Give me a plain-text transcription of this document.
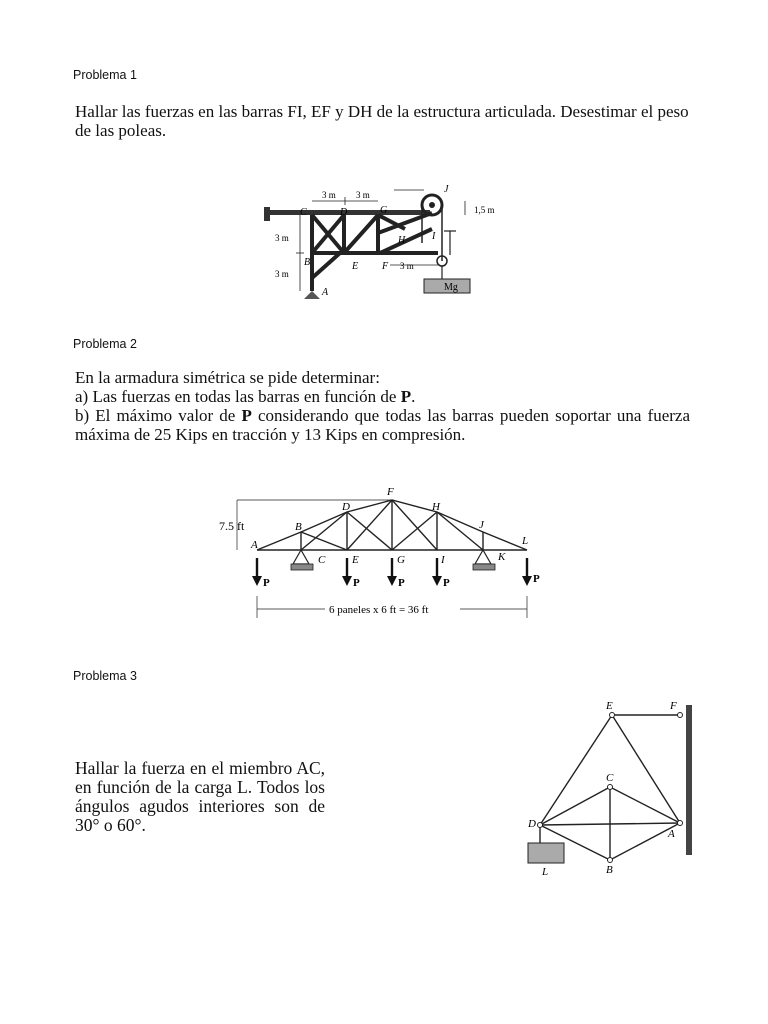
Problema 1

Hallar las fuerzas en las barras FI, EF y DH de la estructura articulada. Desestimar el peso de las poleas.

Mg
3 m 3 m
3 m
3 m
1,5 m
3 m
C	D	G
J
H	I
B	E F
A
Problema 2

En la armadura simétrica se pide determinar:

a) Las fuerzas en todas las barras en función de P.

b) El máximo valor de P considerando que todas las barras pueden soportar una fuerza máxima de 25 Kips en tracción y 13 Kips en compresión.

7.5 ft
P	P	P	P	P
6 paneles x 6 ft = 36 ft
A
B
C
D
E
F
G
H
I
J
K
L
Problema 3

Hallar la fuerza en el miembro AC, en función de la carga L. Todos los ángulos agudos interiores son de 30° o 60°.

E	F
C
D
A
B
L
